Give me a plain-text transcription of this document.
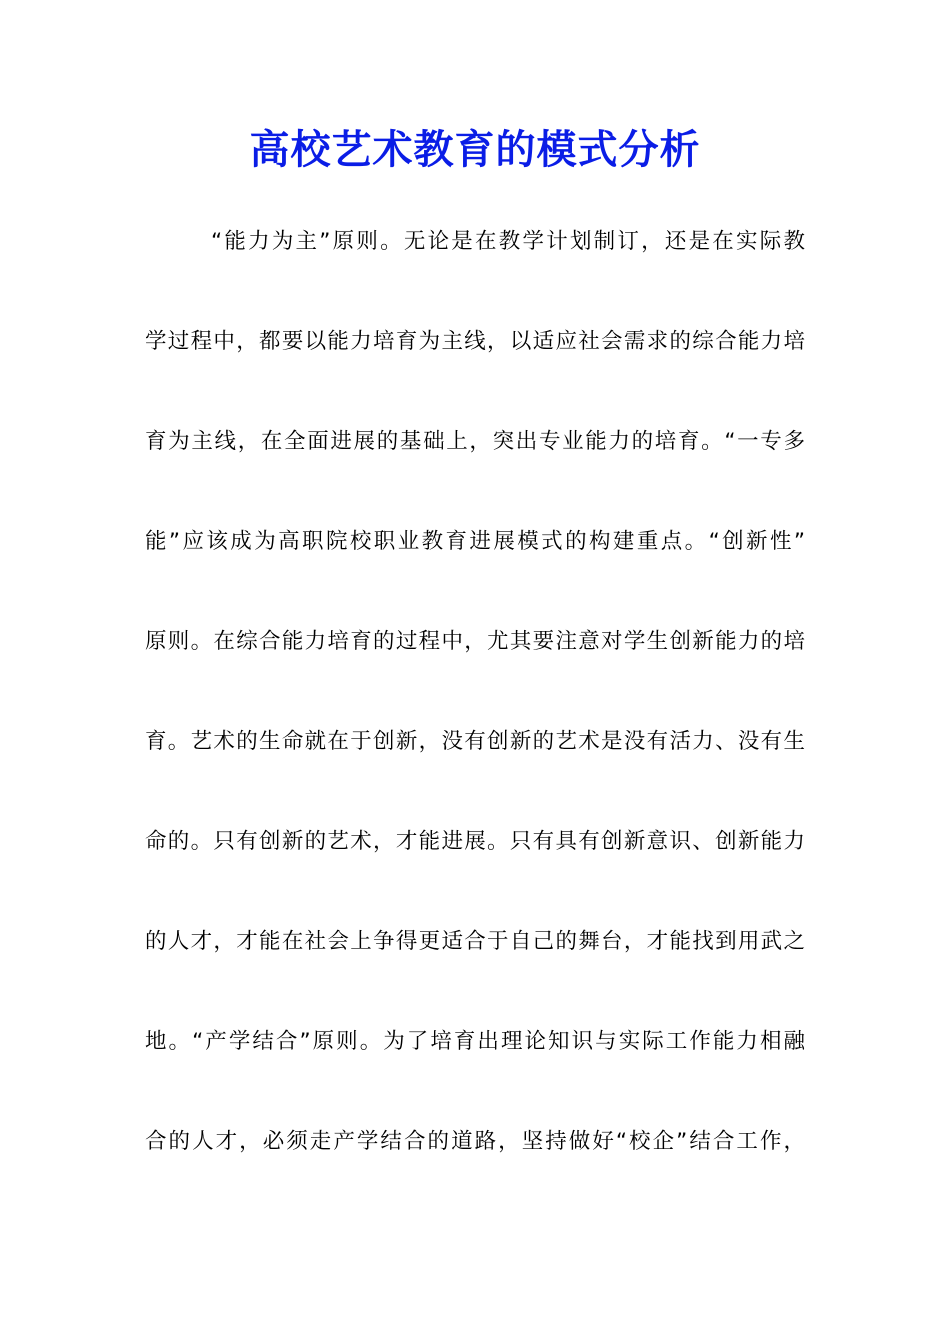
高校艺术教育的模式分析
“能力为主”原则。无论是在教学计划制订，还是在实际教
学过程中，都要以能力培育为主线，以适应社会需求的综合能力培
育为主线，在全面进展的基础上，突出专业能力的培育。“一专多
能”应该成为高职院校职业教育进展模式的构建重点。“创新性”
原则。在综合能力培育的过程中，尤其要注意对学生创新能力的培
育。艺术的生命就在于创新，没有创新的艺术是没有活力、没有生
命的。只有创新的艺术，才能进展。只有具有创新意识、创新能力
的人才，才能在社会上争得更适合于自己的舞台，才能找到用武之
地。“产学结合”原则。为了培育出理论知识与实际工作能力相融
合的人才，必须走产学结合的道路，坚持做好“校企”结合工作，
